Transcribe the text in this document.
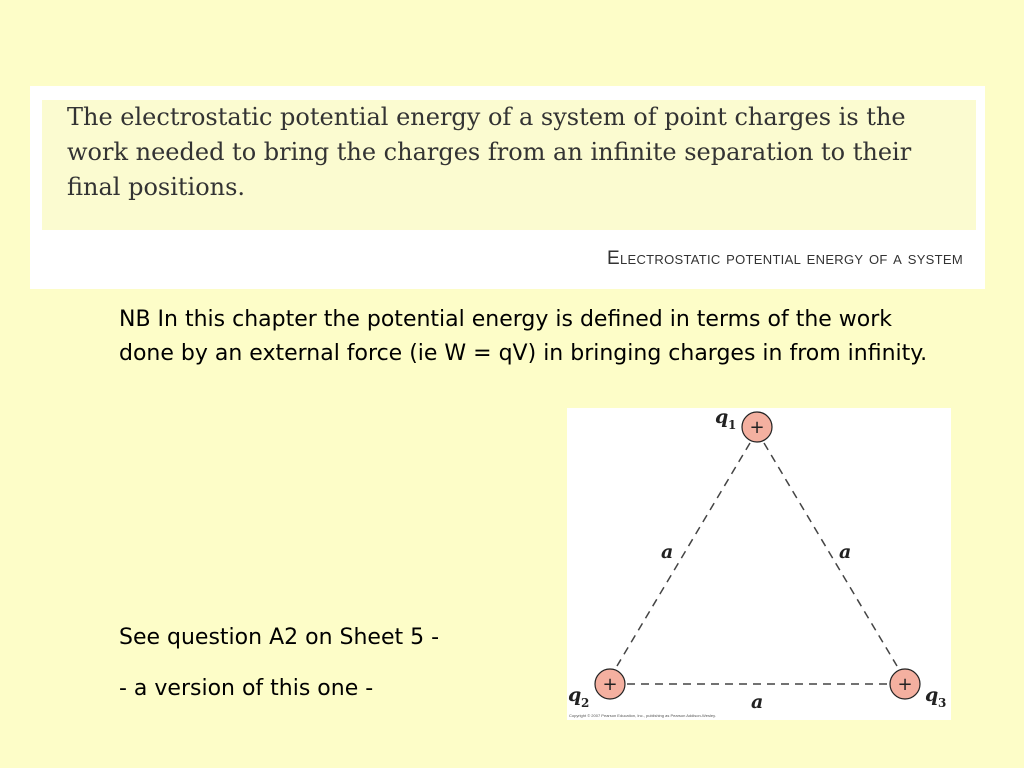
The electrostatic potential energy of a system of point charges is the work needed to bring the charges from an infinite separation to their final positions.

Electrostatic potential energy of a system

NB In this chapter the potential energy is defined in terms of the work done by an external force (ie W = qV) in bringing charges in from infinity.

See question A2 on Sheet 5 -

- a version of this one -

+
q 1
+
q 2
+ q 3
a	a
a
Copyright © 2007 Pearson Education, Inc., publishing as Pearson Addison-Wesley.
